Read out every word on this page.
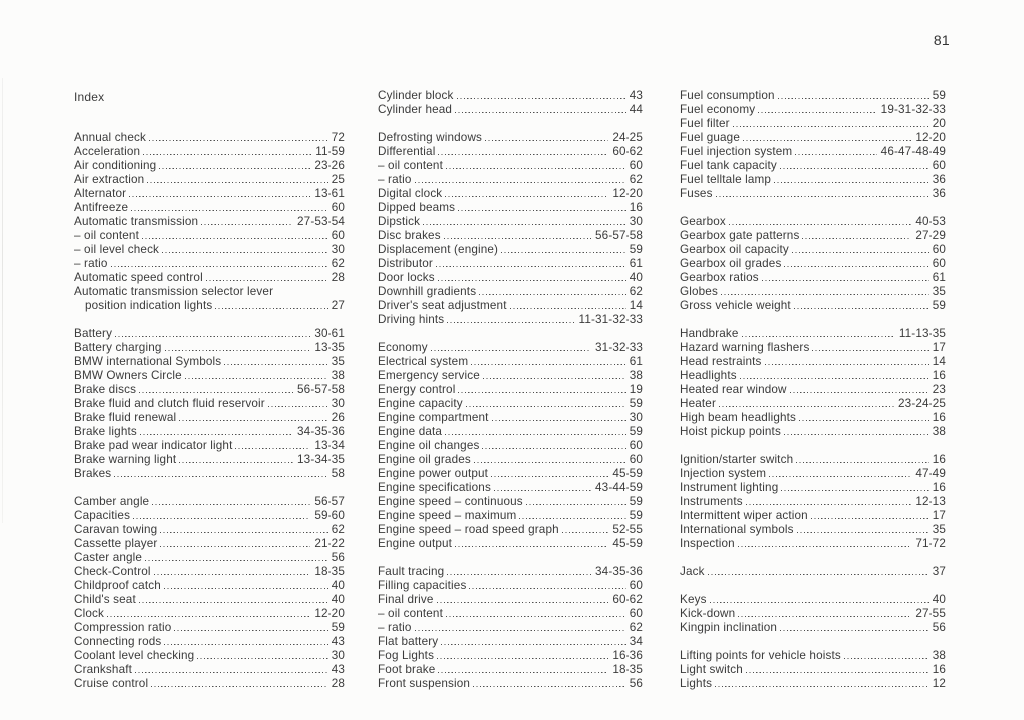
81
Index
Annual check	72
Acceleration	11-59
Air conditioning	23-26
Air extraction	25
Alternator	13-61
Antifreeze	60
Automatic transmission	27-53-54
– oil content	60
– oil level check	30
– ratio	62
Automatic speed control	28
Automatic transmission selector lever
position indication lights	27
Battery	30-61
Battery charging	13-35
BMW international Symbols	35
BMW Owners Circle	38
Brake discs	56-57-58
Brake fluid and clutch fluid reservoir	30
Brake fluid renewal	26
Brake lights	34-35-36
Brake pad wear indicator light	13-34
Brake warning light	13-34-35
Brakes	58
Camber angle	56-57
Capacities	59-60
Caravan towing	62
Cassette player	21-22
Caster angle	56
Check-Control	18-35
Childproof catch	40
Child's seat	40
Clock	12-20
Compression ratio	59
Connecting rods	43
Coolant level checking	30
Crankshaft	43
Cruise control	28
Cylinder block	43
Cylinder head	44
Defrosting windows	24-25
Differential	60-62
– oil content	60
– ratio	62
Digital clock	12-20
Dipped beams	16
Dipstick	30
Disc brakes	56-57-58
Displacement (engine)	59
Distributor	61
Door locks	40
Downhill gradients	62
Driver's seat adjustment	14
Driving hints	11-31-32-33
Economy	31-32-33
Electrical system	61
Emergency service	38
Energy control	19
Engine capacity	59
Engine compartment	30
Engine data	59
Engine oil changes	60
Engine oil grades	60
Engine power output	45-59
Engine specifications	43-44-59
Engine speed – continuous	59
Engine speed – maximum	59
Engine speed – road speed graph	52-55
Engine output	45-59
Fault tracing	34-35-36
Filling capacities	60
Final drive	60-62
– oil content	60
– ratio	62
Flat battery	34
Fog Lights	16-36
Foot brake	18-35
Front suspension	56
Fuel consumption	59
Fuel economy	19-31-32-33
Fuel filter	20
Fuel guage	12-20
Fuel injection system	46-47-48-49
Fuel tank capacity	60
Fuel telltale lamp	36
Fuses	36
Gearbox	40-53
Gearbox gate patterns	27-29
Gearbox oil capacity	60
Gearbox oil grades	60
Gearbox ratios	61
Globes	35
Gross vehicle weight	59
Handbrake	11-13-35
Hazard warning flashers	17
Head restraints	14
Headlights	16
Heated rear window	23
Heater	23-24-25
High beam headlights	16
Hoist pickup points	38
Ignition/starter switch	16
Injection system	47-49
Instrument lighting	16
Instruments	12-13
Intermittent wiper action	17
International symbols	35
Inspection	71-72
Jack	37
Keys	40
Kick-down	27-55
Kingpin inclination	56
Lifting points for vehicle hoists	38
Light switch	16
Lights	12
